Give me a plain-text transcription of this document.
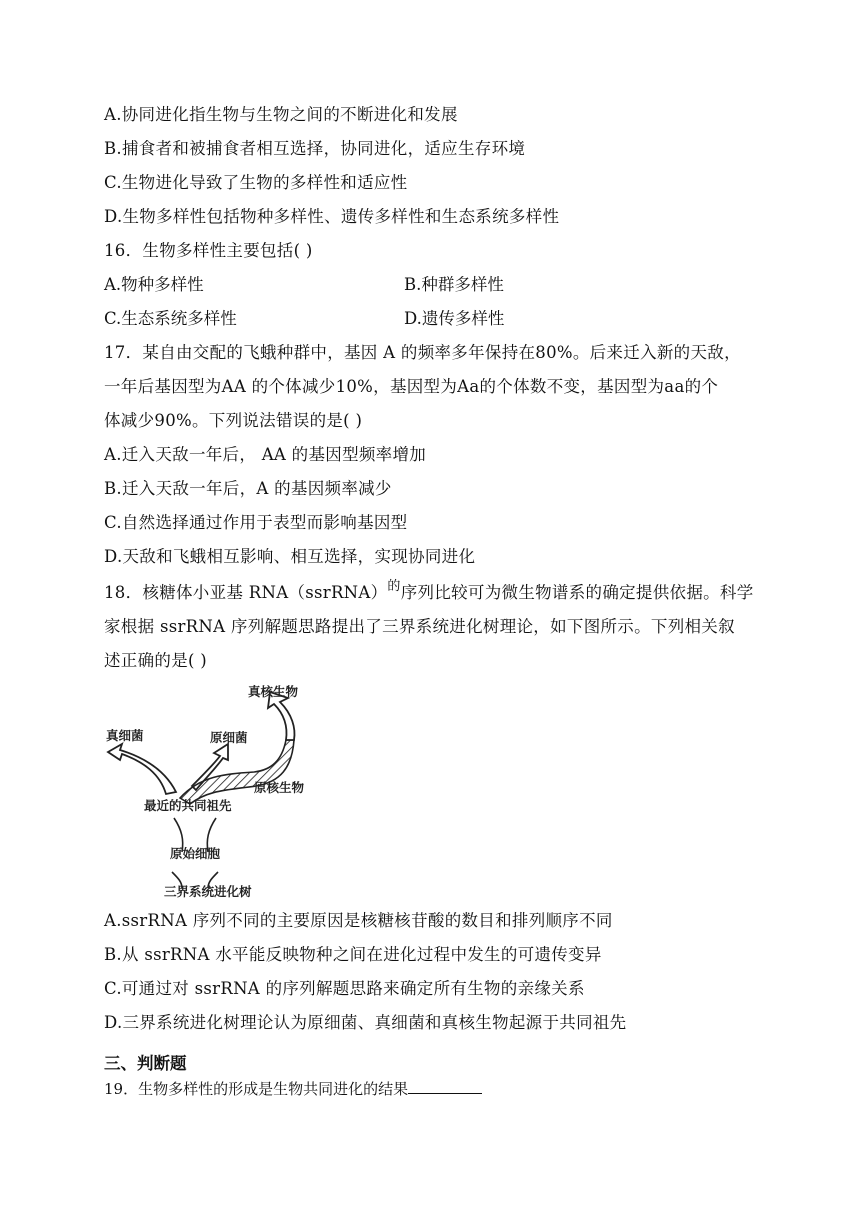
A.协同进化指生物与生物之间的不断进化和发展
B.捕食者和被捕食者相互选择，协同进化，适应生存环境
C.生物进化导致了生物的多样性和适应性
D.生物多样性包括物种多样性、遗传多样性和生态系统多样性
16．生物多样性主要包括( )
A.物种多样性	B.种群多样性
C.生态系统多样性	D.遗传多样性
17．某自由交配的飞蛾种群中，基因 A 的频率多年保持在80%。后来迁入新的天敌，
一年后基因型为AA 的个体减少10%，基因型为Aa的个体数不变，基因型为aa的个
体减少90%。下列说法错误的是( )
A.迁入天敌一年后， AA 的基因型频率增加
B.迁入天敌一年后，A 的基因频率减少
C.自然选择通过作用于表型而影响基因型
D.天敌和飞蛾相互影响、相互选择，实现协同进化
18．核糖体小亚基 RNA（ssrRNA）$^的$序列比较可为微生物谱系的确定提供依据。科学
家根据 ssrRNA 序列解题思路提出了三界系统进化树理论，如下图所示。下列相关叙
述正确的是( )
真核生物
真细菌	原细菌
原核生物
最近的共同祖先
原始细胞
三界系统进化树
A.ssrRNA 序列不同的主要原因是核糖核苷酸的数目和排列顺序不同
B.从 ssrRNA 水平能反映物种之间在进化过程中发生的可遗传变异
C.可通过对 ssrRNA 的序列解题思路来确定所有生物的亲缘关系
D.三界系统进化树理论认为原细菌、真细菌和真核生物起源于共同祖先
三、判断题
19．生物多样性的形成是生物共同进化的结果
